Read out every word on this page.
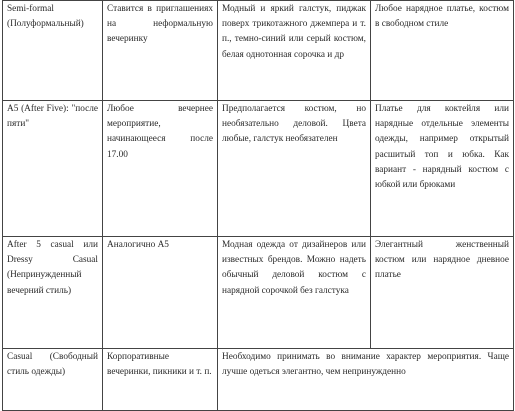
Semi-formal (Полуформальный)	Ставится в приглашениях на неформальную вечеринку	Модный и яркий галстук, пиджак поверх трикотажного джемпера и т. п., темно-синий или серый костюм, белая однотонная сорочка и др	Любое нарядное платье, костюм в свободном стиле
A5 (After Five): "после пяти"	Любое вечернее мероприятие, начинающееся после 17.00	Предполагается костюм, но необязательно деловой. Цвета любые, галстук необязателен	Платье для коктейля или нарядные отдельные элементы одежды, например открытый расшитый топ и юбка. Как вариант - нарядный костюм с юбкой или брюками
After 5 casual или Dressy Casual (Непринужденный вечерний стиль)	Аналогично A5	Модная одежда от дизайнеров или известных брендов. Можно надеть обычный деловой костюм с нарядной сорочкой без галстука	Элегантный женственный костюм или нарядное дневное платье
Casual (Свободный стиль одежды)	Корпоративные вечеринки, пикники и т. п.	Необходимо принимать во внимание характер мероприятия. Чаще лучше одеться элегантно, чем непринужденно	
